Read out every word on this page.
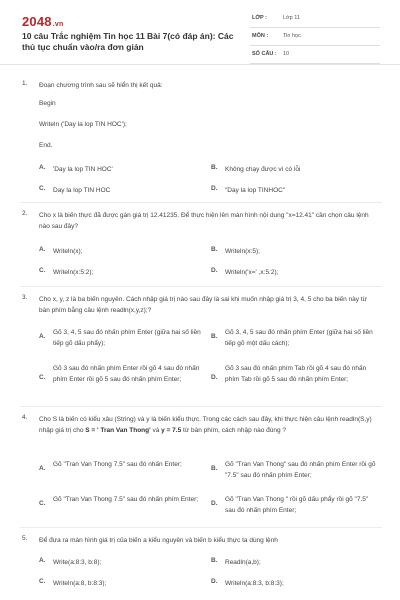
2048.vn
10 câu Trắc nghiệm Tin học 11 Bài 7(có đáp án): Các thủ tục chuẩn vào/ra đơn giản
LỚP :	Lớp 11
MÔN :	Tin học
SỐ CÂU : 10
1. Đoạn chương trình sau sẽ hiển thị kết quả:
Begin
Writeln ('Day la lop TIN HOC');
End.
A. 'Day la lop TIN HOC'	B. Không chạy được vì có lỗi
C. Day la lop TIN HOC	D. "Day la lop TINHOC"
2. Cho x là biến thực đã được gán giá trị 12.41235. Để thực hiện lên màn hình nội dung "x=12.41" cần chọn câu lệnh nào sau đây?
A. Writeln(x);	B. Writeln(x:5);
C. Writeln(x:5:2);	D. Writeln('x=' ,x:5:2);
3. Cho x, y, z là ba biến nguyên. Cách nhập giá trị nào sau đây là sai khi muốn nhập giá trị 3, 4, 5 cho ba biến này từ bàn phím bằng câu lệnh readln(x,y,z);?
A.
Gõ 3, 4, 5 sau đó nhấn phím Enter (giữa hai số liền tiếp gõ dấu phẩy);
B.
Gõ 3, 4, 5 sau đó nhấn phím Enter (giữa hai số liền tiếp gõ một dấu cách);
C.
Gõ 3 sau đó nhấn phím Enter rồi gõ 4 sau đó nhấn phím Enter rồi gõ 5 sau đó nhấn phím Enter;	D.
Gõ 3 sau đó nhấn phím Tab rồi gõ 4 sau đó nhấn phím Tab rồi gõ 5 sau đó nhấn phím Enter;
4. Cho S là biến có kiểu xâu (String) và y là biến kiểu thực. Trong các cách sau đây, khi thực hiện câu lệnh readln(S,y) nhập giá trị cho S = ' Tran Van Thong' và y = 7.5 từ bàn phím, cách nhập nào đúng ?
A.
Gõ "Tran Van Thong 7.5" sau đó nhấn Enter;
B.
Gõ "Tran Van Thong" sau đó nhấn phím Enter rồi gõ "7.5" sau đó nhấn phím Enter;
C.
Gõ "Tran Van Thong 7.5" sau đó nhấn phím Enter;
D.
Gõ "Tran Van Thong " rồi gõ dấu phẩy rồi gõ "7.5" sau đó nhấn phím Enter;
5. Để đưa ra màn hình giá trị của biến a kiểu nguyên và biến b kiểu thực ta dùng lệnh
A. Write(a:8:3, b:8);	B. Readln(a,b);
C. Writeln(a:8, b:8:3);	D. Writeln(a:8:3, b:8:3);
